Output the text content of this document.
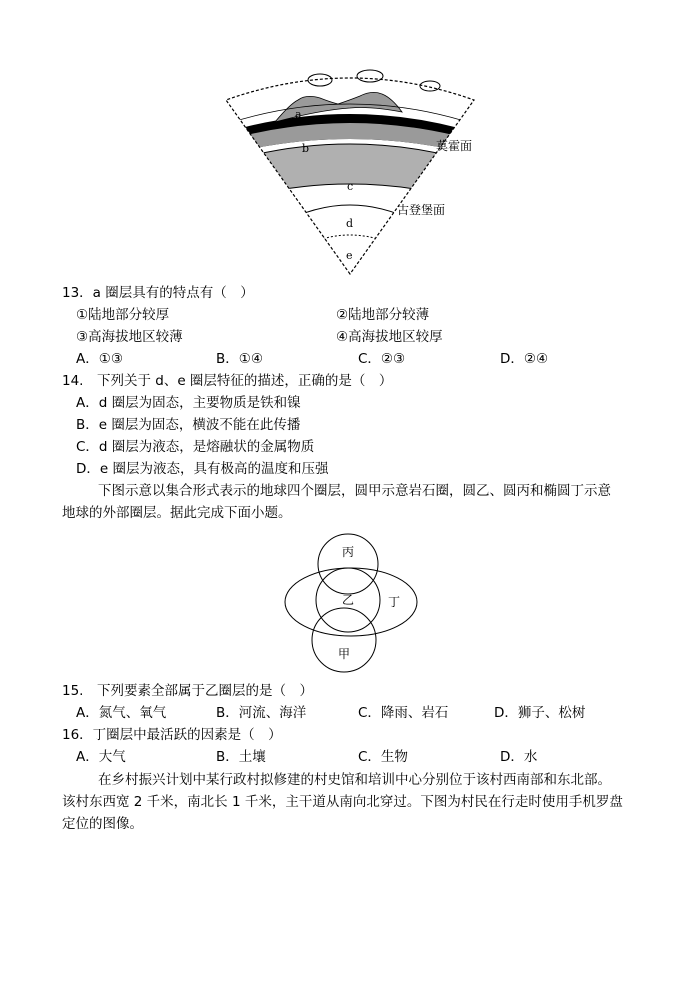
a
b
c
d
e
莫霍面
古登堡面
13．a 圈层具有的特点有（　）
①陆地部分较厚	②陆地部分较薄
③高海拔地区较薄	④高海拔地区较厚
A．①③	B．①④	C．②③	D．②④
14.　下列关于 d、e 圈层特征的描述，正确的是（　）
A．d 圈层为固态，主要物质是铁和镍
B．e 圈层为固态，横波不能在此传播
C．d 圈层为液态，是熔融状的金属物质
D．e 圈层为液态，具有极高的温度和压强
下图示意以集合形式表示的地球四个圈层，圆甲示意岩石圈，圆乙、圆丙和椭圆丁示意
地球的外部圈层。据此完成下面小题。
丙
乙	丁
甲
15.　下列要素全部属于乙圈层的是（　）
A．氮气、氧气	B．河流、海洋	C．降雨、岩石	D．狮子、松树
16．丁圈层中最活跃的因素是（　）
A．大气	B．土壤	C．生物	D．水
在乡村振兴计划中某行政村拟修建的村史馆和培训中心分别位于该村西南部和东北部。
该村东西宽 2 千米，南北长 1 千米，主干道从南向北穿过。下图为村民在行走时使用手机罗盘
定位的图像。
